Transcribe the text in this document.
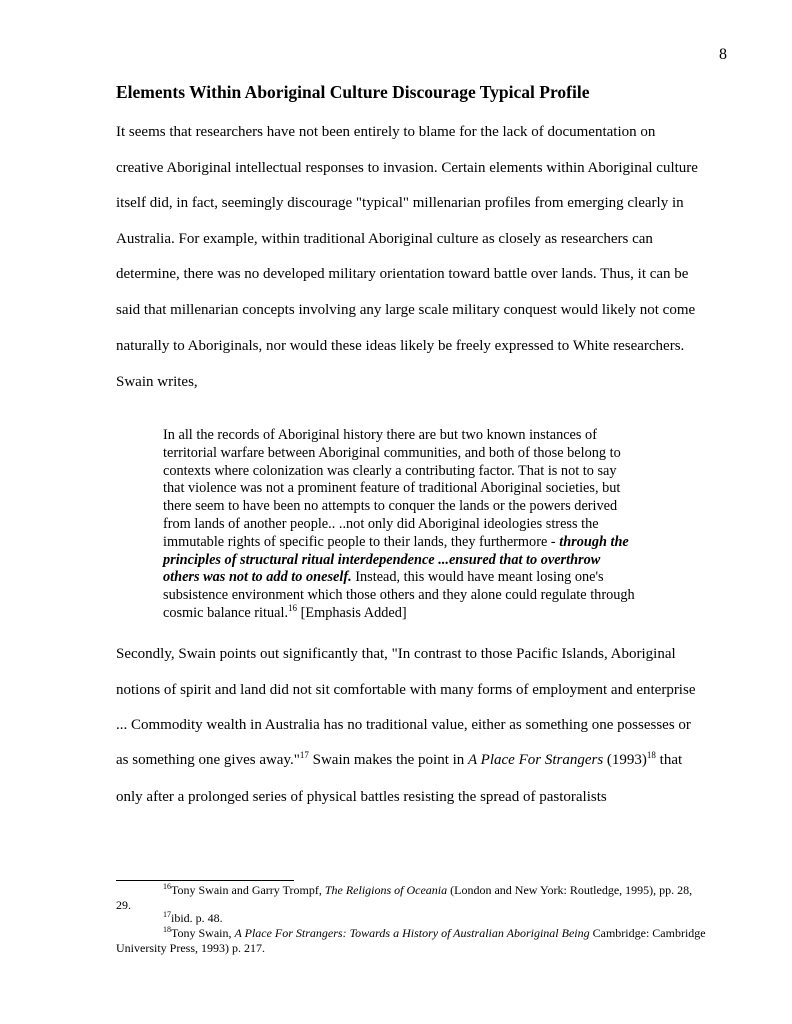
8
Elements Within Aboriginal Culture Discourage Typical Profile

It seems that researchers have not been entirely to blame for the lack of documentation on

creative Aboriginal intellectual responses to invasion. Certain elements within Aboriginal culture

itself did, in fact, seemingly discourage "typical" millenarian profiles from emerging clearly in

Australia. For example, within traditional Aboriginal culture as closely as researchers can

determine, there was no developed military orientation toward battle over lands. Thus, it can be

said that millenarian concepts involving any large scale military conquest would likely not come

naturally to Aboriginals, nor would these ideas likely be freely expressed to White researchers.

Swain writes,

In all the records of Aboriginal history there are but two known instances of
territorial warfare between Aboriginal communities, and both of those belong to
contexts where colonization was clearly a contributing factor. That is not to say
that violence was not a prominent feature of traditional Aboriginal societies, but
there seem to have been no attempts to conquer the lands or the powers derived
from lands of another people.. ..not only did Aboriginal ideologies stress the
immutable rights of specific people to their lands, they furthermore - through the
principles of structural ritual interdependence ...ensured that to overthrow
others was not to add to oneself. Instead, this would have meant losing one's
subsistence environment which those others and they alone could regulate through
cosmic balance ritual.$^{16}$ [Emphasis Added]

Secondly, Swain points out significantly that, "In contrast to those Pacific Islands, Aboriginal

notions of spirit and land did not sit comfortable with many forms of employment and enterprise

... Commodity wealth in Australia has no traditional value, either as something one possesses or

as something one gives away."$^{17}$ Swain makes the point in A Place For Strangers $(1993)^{18}$ that

only after a prolonged series of physical battles resisting the spread of pastoralists

$^{16}$Tony Swain and Garry Trompf, The Religions of Oceania (London and New York: Routledge, 1995), pp. 28,

29.

$^{17}$ibid. p. 48.

$^{18}$Tony Swain, A Place For Strangers: Towards a History of Australian Aboriginal Being Cambridge: Cambridge

University Press, 1993) p. 217.
